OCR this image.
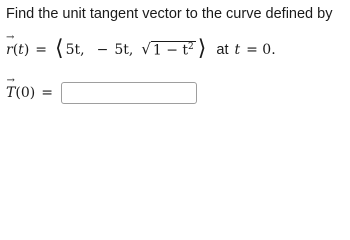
Find the unit tangent vector to the curve defined by
→
r ( t ) = ⟨ 5t, − 5t, √ $1 - t^2$ ⟩ at t = 0.
→
T ( 0 ) =
